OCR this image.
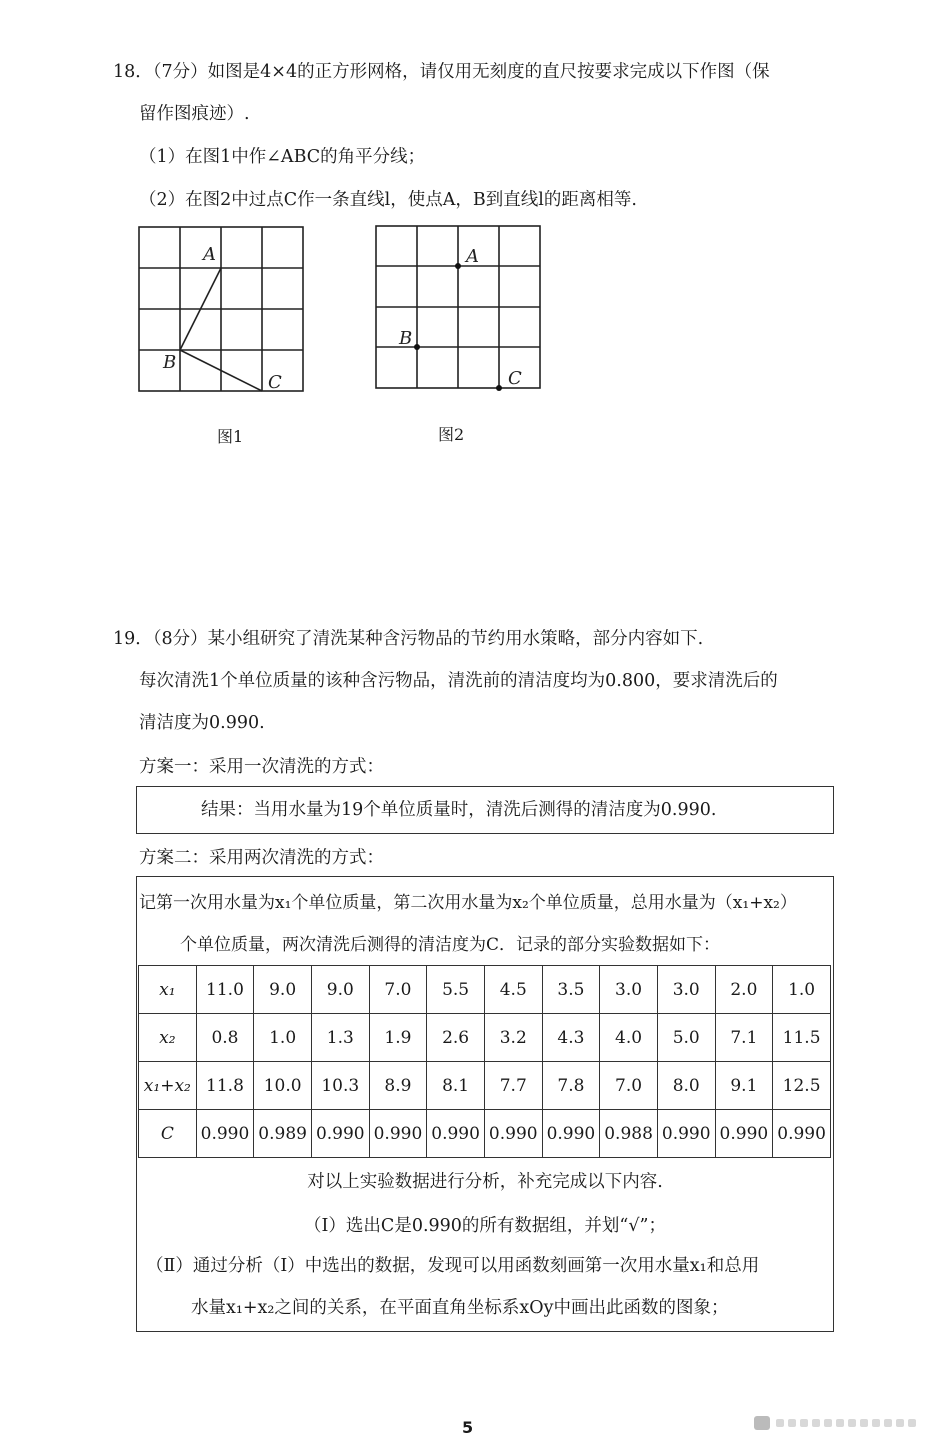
18．（7分）如图是4×4的正方形网格，请仅用无刻度的直尺按要求完成以下作图（保
留作图痕迹）.
（1）在图1中作∠ABC的角平分线；
（2）在图2中过点C作一条直线l，使点A，B到直线l的距离相等.
A
B
C
图1
A
B
C
图2
19．（8分）某小组研究了清洗某种含污物品的节约用水策略，部分内容如下.
每次清洗1个单位质量的该种含污物品，清洗前的清洁度均为0.800，要求清洗后的
清洁度为0.990.
方案一：采用一次清洗的方式：
结果：当用水量为19个单位质量时，清洗后测得的清洁度为0.990.
方案二：采用两次清洗的方式：
记第一次用水量为x₁个单位质量，第二次用水量为x₂个单位质量，总用水量为（x₁+x₂）
个单位质量，两次清洗后测得的清洁度为C．记录的部分实验数据如下：
x₁	11.0	9.0	9.0	7.0	5.5	4.5	3.5	3.0	3.0	2.0	1.0
x₂	0.8	1.0	1.3	1.9	2.6	3.2	4.3	4.0	5.0	7.1	11.5
x₁+x₂	11.8	10.0	10.3	8.9	8.1	7.7	7.8	7.0	8.0	9.1	12.5
C	0.990	0.989	0.990	0.990	0.990	0.990	0.990	0.988	0.990	0.990	0.990
对以上实验数据进行分析，补充完成以下内容.
（Ⅰ）选出C是0.990的所有数据组，并划“√”；
（Ⅱ）通过分析（Ⅰ）中选出的数据，发现可以用函数刻画第一次用水量x₁和总用
水量x₁+x₂之间的关系，在平面直角坐标系xOy中画出此函数的图象；
5
